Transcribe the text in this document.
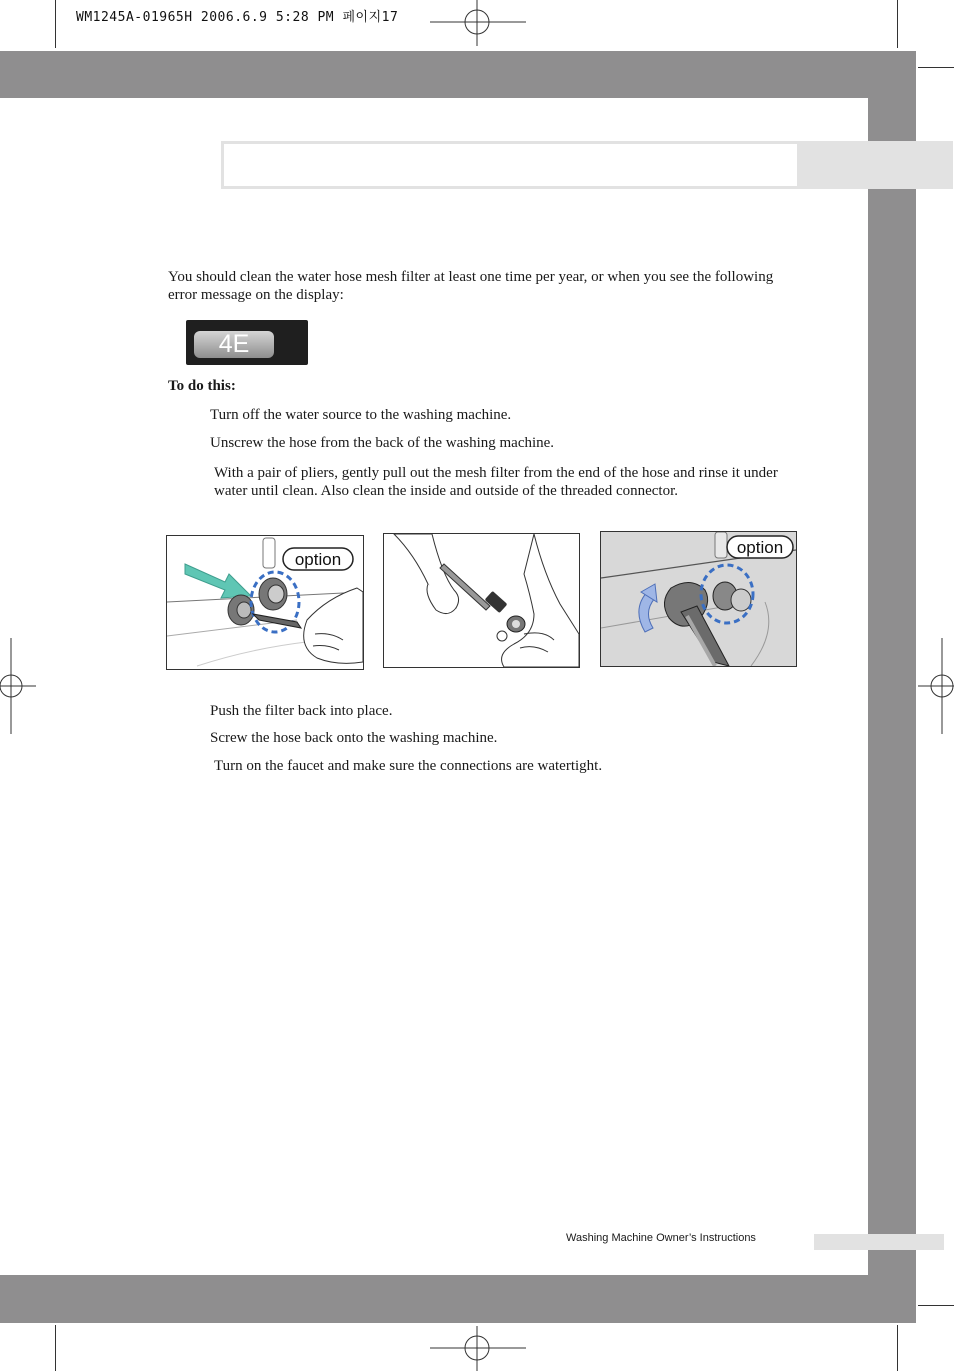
WM1245A-01965H 2006.6.9 5:28 PM 페이지17
You should clean the water hose mesh filter at least one time per year, or when you see the following error message on the display:
4E
To do this:
Turn off the water source to the washing machine.
Unscrew the hose from the back of the washing machine.
With a pair of pliers, gently pull out the mesh filter from the end of the hose and rinse it under water until clean. Also clean the inside and outside of the threaded connector.
option
option
Push the filter back into place.
Screw the hose back onto the washing machine.
Turn on the faucet and make sure the connections are watertight.
Washing Machine Owner’s Instructions
